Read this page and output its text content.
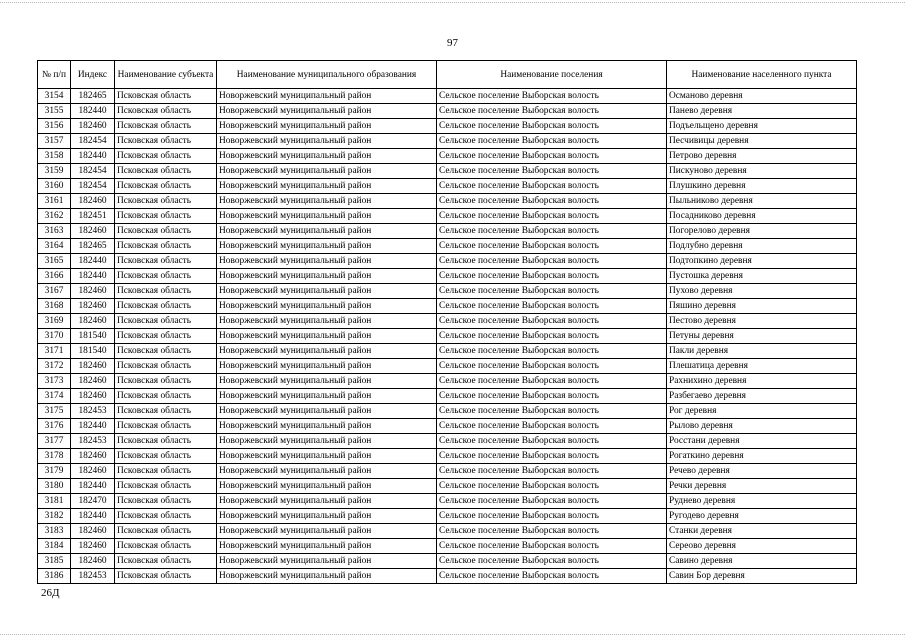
97
№ п/п	Индекс	Наименование субъекта	Наименование муниципального образования	Наименование поселения	Наименование населенного пункта
3154	182465	Псковская область	Новоржевский муниципальный район	Сельское поселение Выборская волость	Османово деревня
3155	182440	Псковская область	Новоржевский муниципальный район	Сельское поселение Выборская волость	Панево деревня
3156	182460	Псковская область	Новоржевский муниципальный район	Сельское поселение Выборская волость	Подъельщено деревня
3157	182454	Псковская область	Новоржевский муниципальный район	Сельское поселение Выборская волость	Песчивицы деревня
3158	182440	Псковская область	Новоржевский муниципальный район	Сельское поселение Выборская волость	Петрово деревня
3159	182454	Псковская область	Новоржевский муниципальный район	Сельское поселение Выборская волость	Пискуново деревня
3160	182454	Псковская область	Новоржевский муниципальный район	Сельское поселение Выборская волость	Плушкино деревня
3161	182460	Псковская область	Новоржевский муниципальный район	Сельское поселение Выборская волость	Пыльниково деревня
3162	182451	Псковская область	Новоржевский муниципальный район	Сельское поселение Выборская волость	Посадниково деревня
3163	182460	Псковская область	Новоржевский муниципальный район	Сельское поселение Выборская волость	Погорелово деревня
3164	182465	Псковская область	Новоржевский муниципальный район	Сельское поселение Выборская волость	Подлубно деревня
3165	182440	Псковская область	Новоржевский муниципальный район	Сельское поселение Выборская волость	Подтопкино деревня
3166	182440	Псковская область	Новоржевский муниципальный район	Сельское поселение Выборская волость	Пустошка деревня
3167	182460	Псковская область	Новоржевский муниципальный район	Сельское поселение Выборская волость	Пухово деревня
3168	182460	Псковская область	Новоржевский муниципальный район	Сельское поселение Выборская волость	Пяшино деревня
3169	182460	Псковская область	Новоржевский муниципальный район	Сельское поселение Выборская волость	Пестово деревня
3170	181540	Псковская область	Новоржевский муниципальный район	Сельское поселение Выборская волость	Петуны деревня
3171	181540	Псковская область	Новоржевский муниципальный район	Сельское поселение Выборская волость	Пакли деревня
3172	182460	Псковская область	Новоржевский муниципальный район	Сельское поселение Выборская волость	Плешатица деревня
3173	182460	Псковская область	Новоржевский муниципальный район	Сельское поселение Выборская волость	Рахнихино деревня
3174	182460	Псковская область	Новоржевский муниципальный район	Сельское поселение Выборская волость	Разбегаево деревня
3175	182453	Псковская область	Новоржевский муниципальный район	Сельское поселение Выборская волость	Рог деревня
3176	182440	Псковская область	Новоржевский муниципальный район	Сельское поселение Выборская волость	Рылово деревня
3177	182453	Псковская область	Новоржевский муниципальный район	Сельское поселение Выборская волость	Росстани деревня
3178	182460	Псковская область	Новоржевский муниципальный район	Сельское поселение Выборская волость	Рогаткино деревня
3179	182460	Псковская область	Новоржевский муниципальный район	Сельское поселение Выборская волость	Речево деревня
3180	182440	Псковская область	Новоржевский муниципальный район	Сельское поселение Выборская волость	Речки деревня
3181	182470	Псковская область	Новоржевский муниципальный район	Сельское поселение Выборская волость	Руднево деревня
3182	182440	Псковская область	Новоржевский муниципальный район	Сельское поселение Выборская волость	Ругодево деревня
3183	182460	Псковская область	Новоржевский муниципальный район	Сельское поселение Выборская волость	Станки деревня
3184	182460	Псковская область	Новоржевский муниципальный район	Сельское поселение Выборская волость	Сереово деревня
3185	182460	Псковская область	Новоржевский муниципальный район	Сельское поселение Выборская волость	Савино деревня
3186	182453	Псковская область	Новоржевский муниципальный район	Сельское поселение Выборская волость	Савин Бор деревня
26Д
